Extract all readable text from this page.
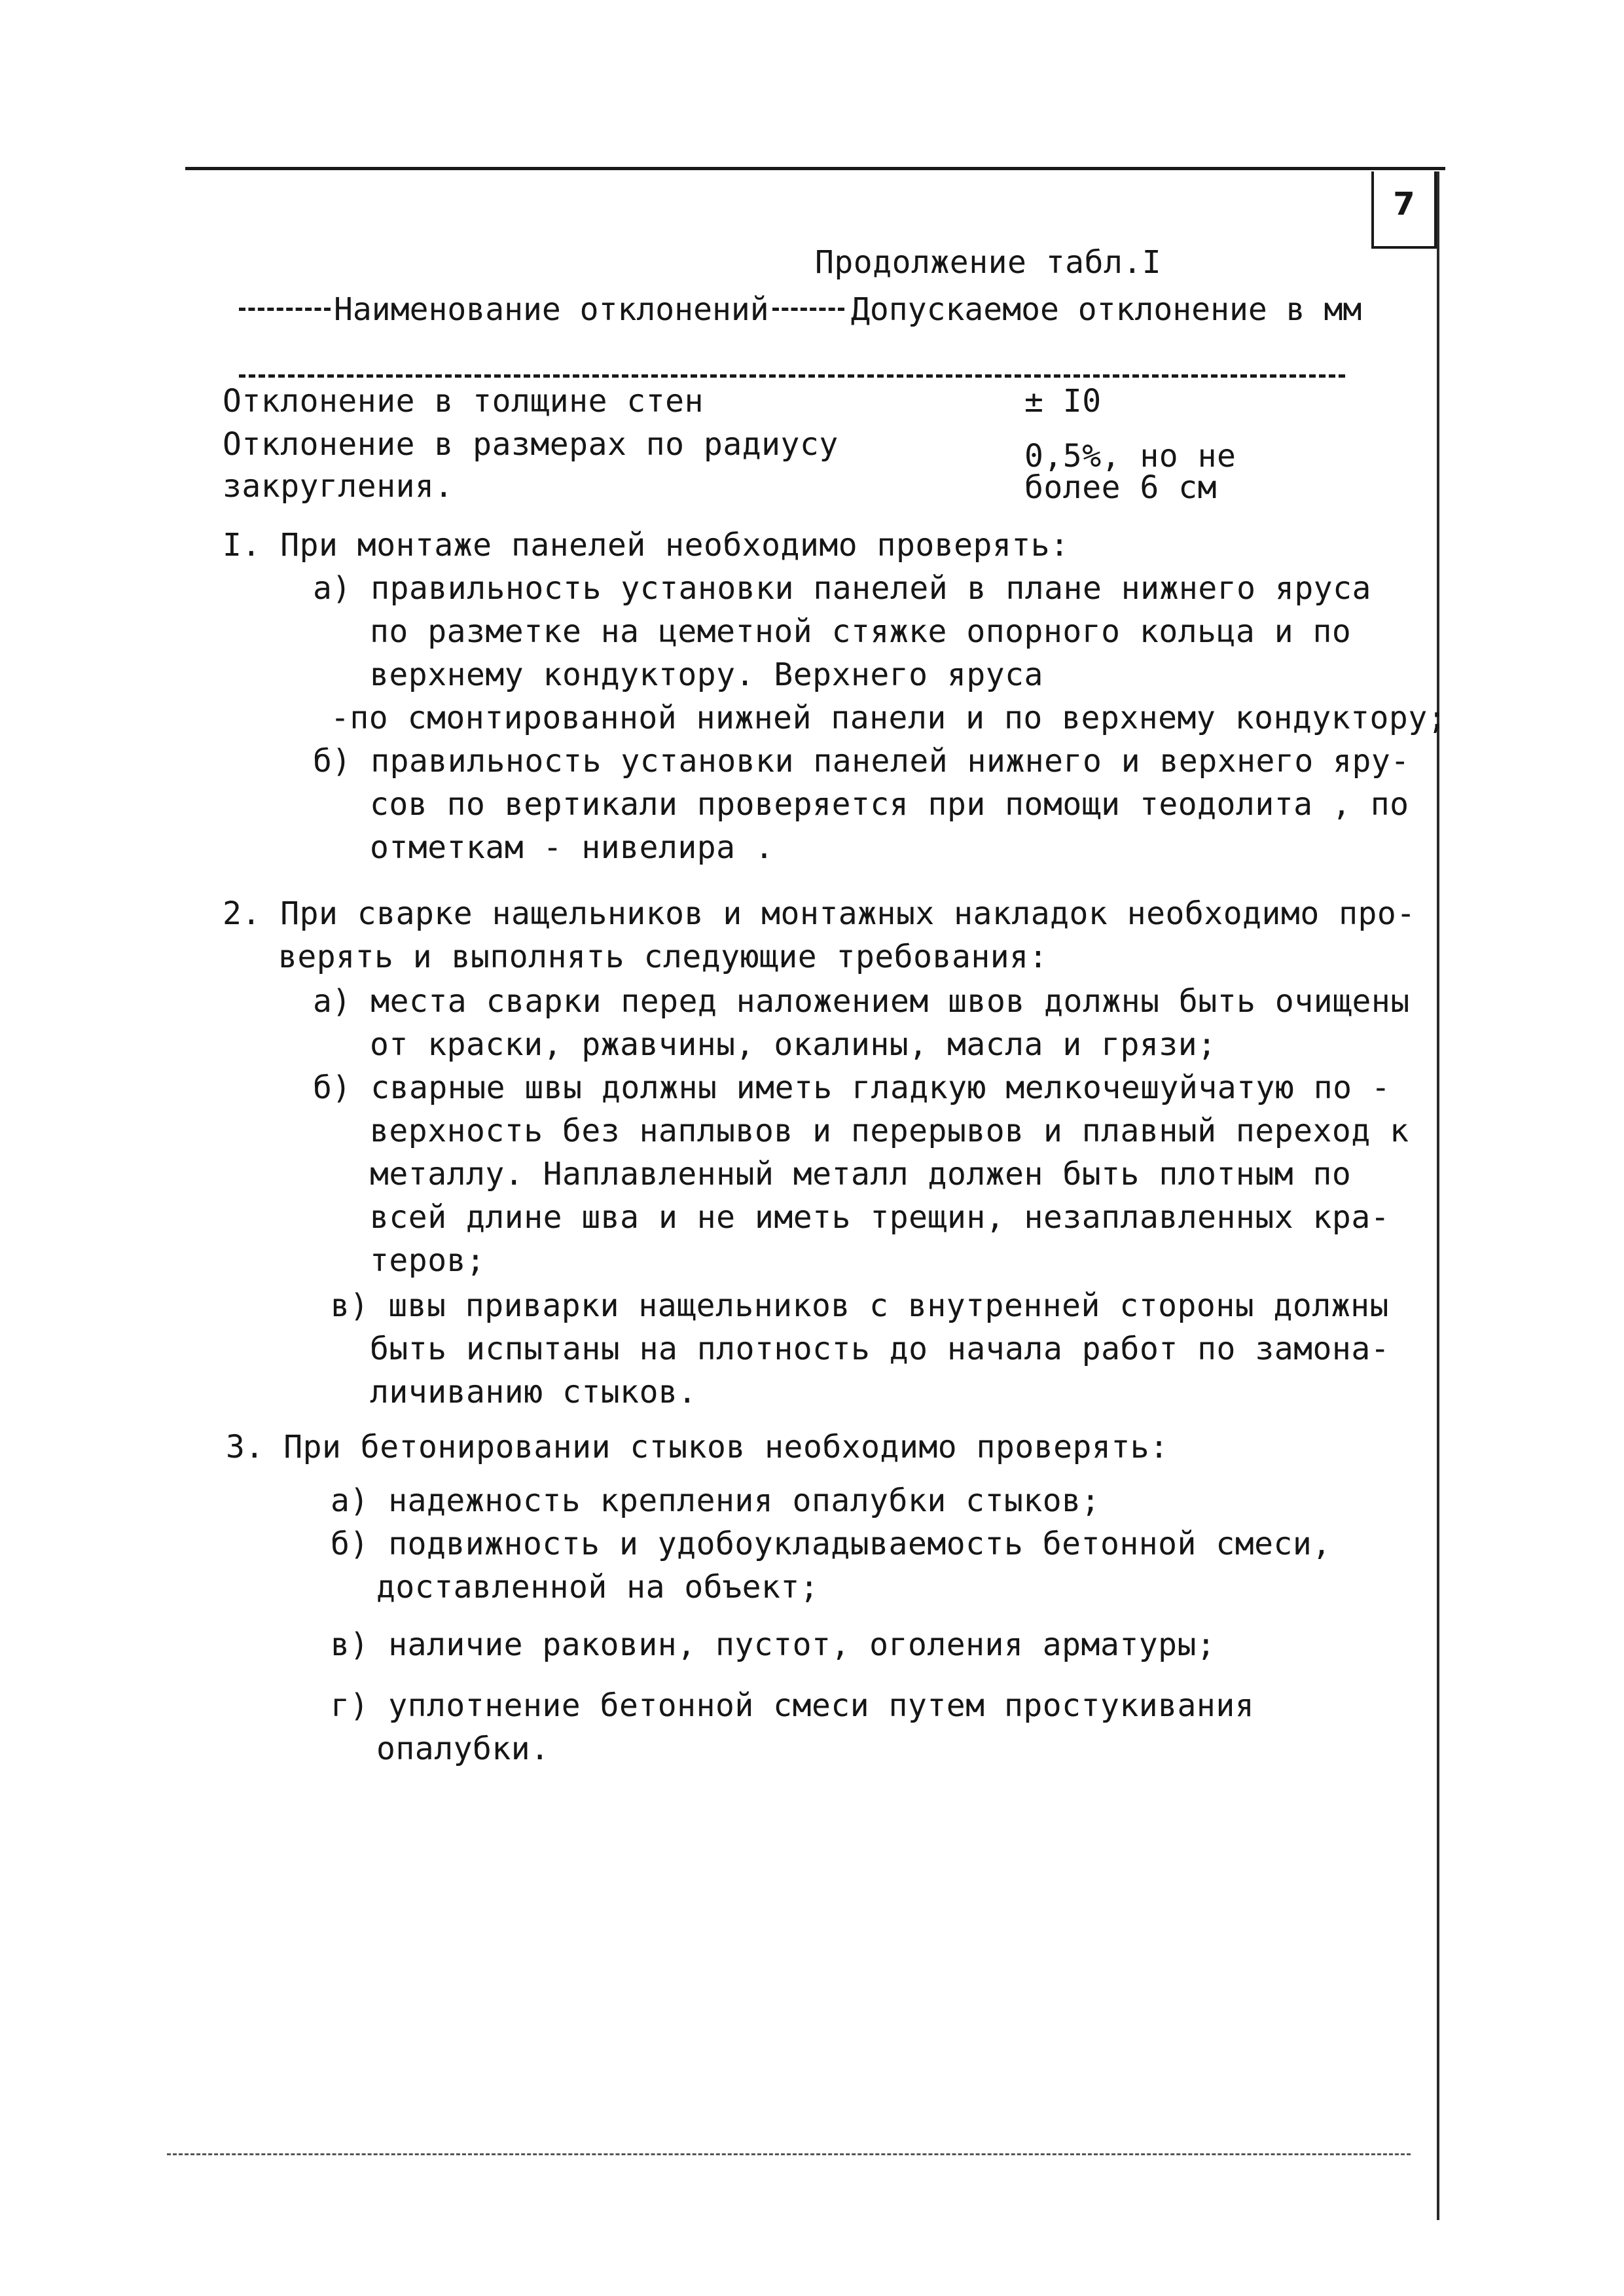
7
Продолжение табл.I
Наименование отклонений	Допускаемое отклонение в мм
Отклонение в толщине стен	± I0
Отклонение в размерах по радиусу
закругления.
0,5%, но не
более 6 см
I. При монтаже панелей необходимо проверять:
а) правильность установки панелей в плане нижнего яруса
по разметке на цеметной стяжке опорного кольца и по
верхнему кондуктору. Верхнего яруса
-по смонтированной нижней панели и по верхнему кондуктору;
б) правильность установки панелей нижнего и верхнего яру-
сов по вертикали проверяется при помощи теодолита , по
отметкам - нивелира .
2. При сварке нащельников и монтажных накладок необходимо про-
верять и выполнять следующие требования:
а) места сварки перед наложением швов должны быть очищены
от краски, ржавчины, окалины, масла и грязи;
б) сварные швы должны иметь гладкую мелкочешуйчатую по -
верхность без наплывов и перерывов и плавный переход к
металлу. Наплавленный металл должен быть плотным по
всей длине шва и не иметь трещин, незаплавленных кра-
теров;
в) швы приварки нащельников с внутренней стороны должны
быть испытаны на плотность до начала работ по замона-
личиванию стыков.
3. При бетонировании стыков необходимо проверять:
а) надежность крепления опалубки стыков;
б) подвижность и удобоукладываемость бетонной смеси,
доставленной на объект;
в) наличие раковин, пустот, оголения арматуры;
г) уплотнение бетонной смеси путем простукивания
опалубки.
